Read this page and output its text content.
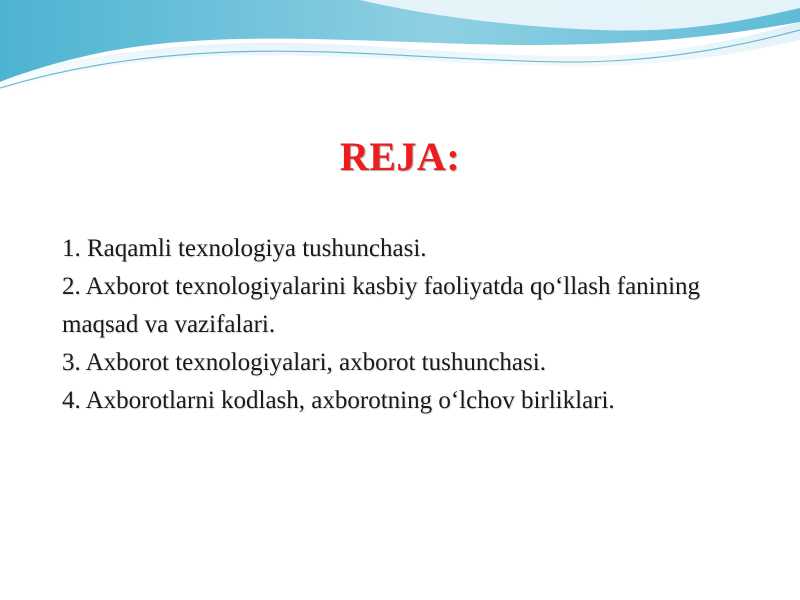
REJA:
1. Raqamli texnologiya tushunchasi.
2. Axborot texnologiyalarini kasbiy faoliyatda qo‘llash fanining maqsad va vazifalari.
3. Axborot texnologiyalari, axborot tushunchasi.
4. Axborotlarni kodlash, axborotning o‘lchov birliklari.
